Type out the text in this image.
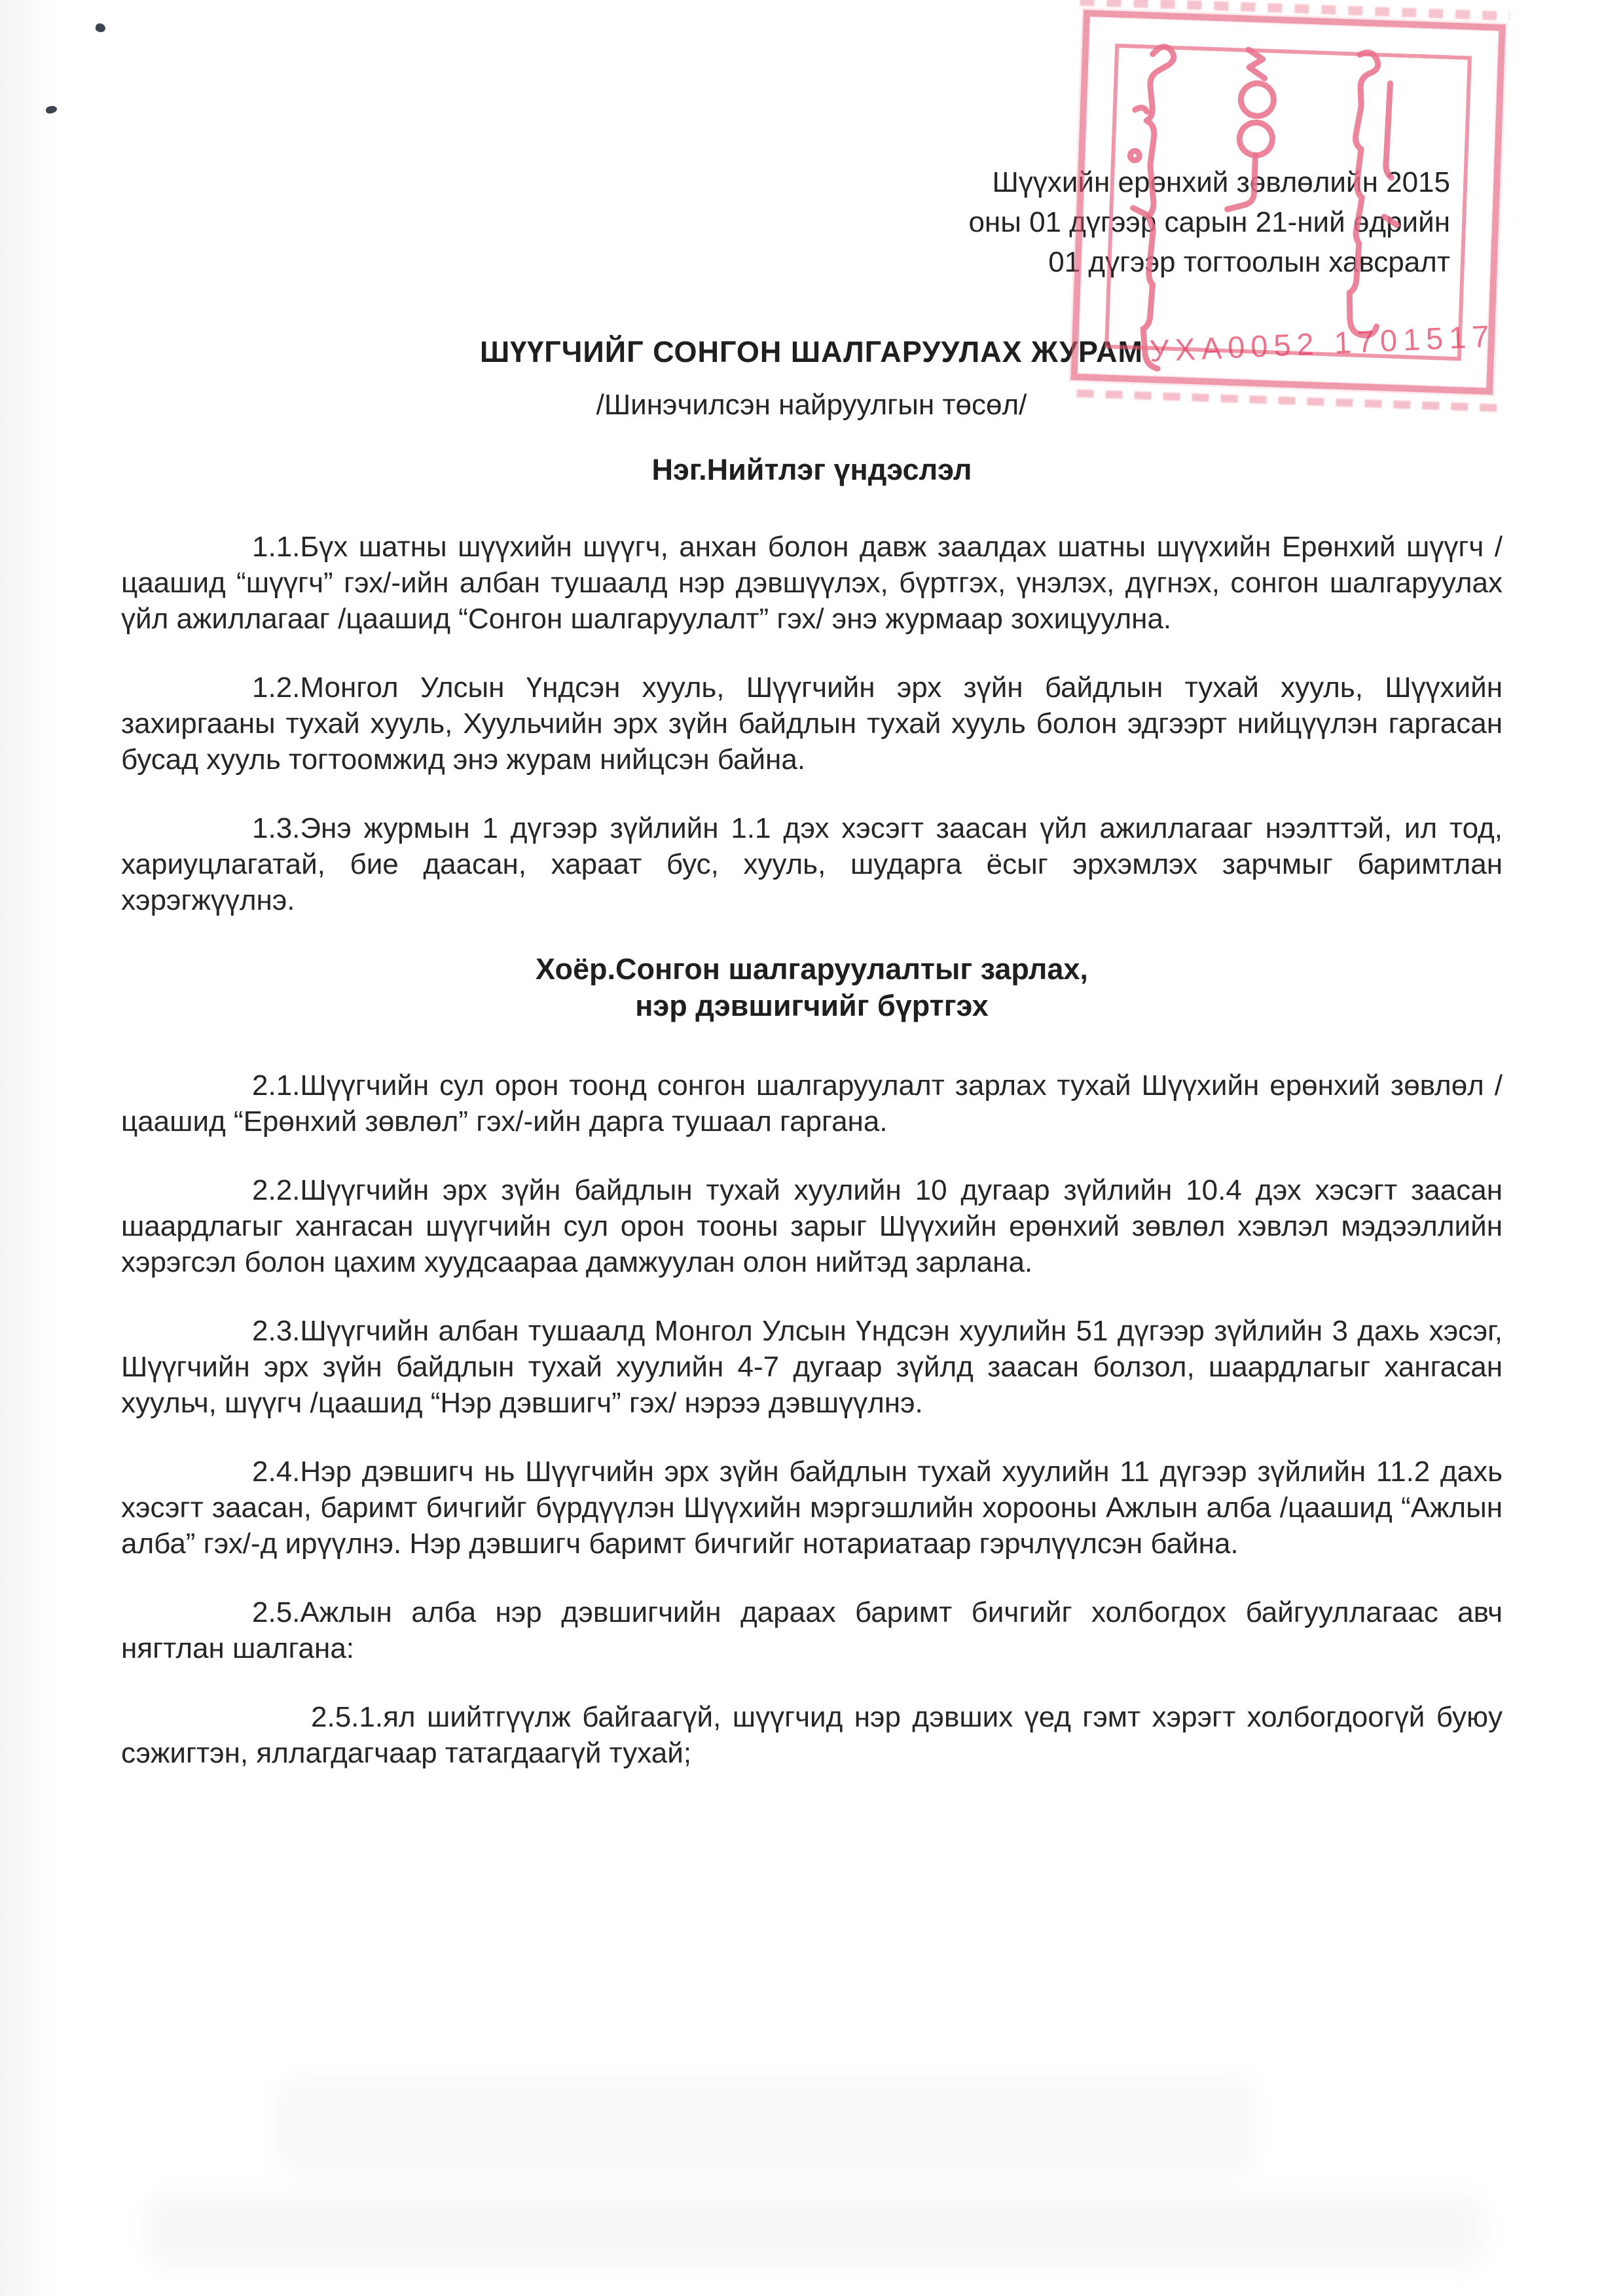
УХА0052 1701517
Шүүхийн ерөнхий зөвлөлийн 2015
оны 01 дүгээр сарын 21-ний өдрийн
01 дүгээр тогтоолын хавсралт
ШҮҮГЧИЙГ СОНГОН ШАЛГАРУУЛАХ ЖУРАМ
/Шинэчилсэн найруулгын төсөл/
Нэг.Нийтлэг үндэслэл

1.1.Бүх шатны шүүхийн шүүгч, анхан болон давж заалдах шатны шүүхийн Ерөнхий шүүгч /цаашид “шүүгч” гэх/-ийн албан тушаалд нэр дэвшүүлэх, бүртгэх, үнэлэх, дүгнэх, сонгон шалгаруулах үйл ажиллагааг /цаашид “Сонгон шалгаруулалт” гэх/ энэ журмаар зохицуулна.

1.2.Монгол Улсын Үндсэн хууль, Шүүгчийн эрх зүйн байдлын тухай хууль, Шүүхийн захиргааны тухай хууль, Хуульчийн эрх зүйн байдлын тухай хууль болон эдгээрт нийцүүлэн гаргасан бусад хууль тогтоомжид энэ журам нийцсэн байна.

1.3.Энэ журмын 1 дүгээр зүйлийн 1.1 дэх хэсэгт заасан үйл ажиллагааг нээлттэй, ил тод, хариуцлагатай, бие даасан, хараат бус, хууль, шударга ёсыг эрхэмлэх зарчмыг баримтлан хэрэгжүүлнэ.

Хоёр.Сонгон шалгаруулалтыг зарлах,
нэр дэвшигчийг бүртгэх

2.1.Шүүгчийн сул орон тоонд сонгон шалгаруулалт зарлах тухай Шүүхийн ерөнхий зөвлөл /цаашид “Ерөнхий зөвлөл” гэх/-ийн дарга тушаал гаргана.

2.2.Шүүгчийн эрх зүйн байдлын тухай хуулийн 10 дугаар зүйлийн 10.4 дэх хэсэгт заасан шаардлагыг хангасан шүүгчийн сул орон тооны зарыг Шүүхийн ерөнхий зөвлөл хэвлэл мэдээллийн хэрэгсэл болон цахим хуудсаараа дамжуулан олон нийтэд зарлана.

2.3.Шүүгчийн албан тушаалд Монгол Улсын Үндсэн хуулийн 51 дүгээр зүйлийн 3 дахь хэсэг, Шүүгчийн эрх зүйн байдлын тухай хуулийн 4-7 дугаар зүйлд заасан болзол, шаардлагыг хангасан хуульч, шүүгч /цаашид “Нэр дэвшигч” гэх/ нэрээ дэвшүүлнэ.

2.4.Нэр дэвшигч нь Шүүгчийн эрх зүйн байдлын тухай хуулийн 11 дүгээр зүйлийн 11.2 дахь хэсэгт заасан, баримт бичгийг бүрдүүлэн Шүүхийн мэргэшлийн хорооны Ажлын алба /цаашид “Ажлын алба” гэх/-д ирүүлнэ. Нэр дэвшигч баримт бичгийг нотариатаар гэрчлүүлсэн байна.

2.5.Ажлын алба нэр дэвшигчийн дараах баримт бичгийг холбогдох байгууллагаас авч нягтлан шалгана:

2.5.1.ял шийтгүүлж байгаагүй, шүүгчид нэр дэвших үед гэмт хэрэгт холбогдоогүй буюу сэжигтэн, яллагдагчаар татагдаагүй тухай;
